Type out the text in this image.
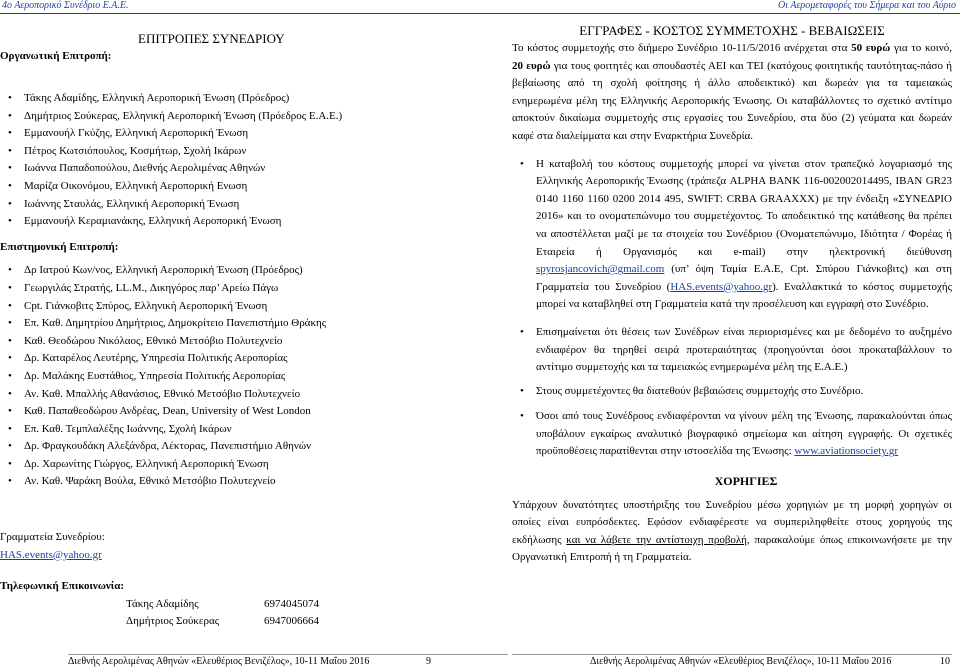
4ο Αεροπορικό Συνέδριο Ε.Α.Ε.	Οι Αερομεταφορές του Σήμερα και του Αύριο
ΕΠΙΤΡΟΠΕΣ ΣΥΝΕΔΡΙΟΥ
Οργανωτική Επιτροπή:
• Τάκης Αδαμίδης, Ελληνική Αεροπορική Ένωση (Πρόεδρος)
• Δημήτριος Σούκερας, Ελληνική Αεροπορική Ένωση (Πρόεδρος Ε.Α.Ε.)
• Εμμανουήλ Γκύζης, Ελληνική Αεροπορική Ένωση
• Πέτρος Κωτσιόπουλος, Κοσμήτωρ, Σχολή Ικάρων
• Ιωάννα Παπαδοπούλου, Διεθνής Αερολιμένας Αθηνών
• Μαρίζα Οικονόμου, Ελληνική Αεροπορική Ενωση
• Ιωάννης Σταυλάς, Ελληνική Αεροπορική Ένωση
• Εμμανουήλ Κεραμιανάκης, Ελληνική Αεροπορική Ένωση
Επιστημονική Επιτροπή:
• Δρ Ιατρού Κων/νος, Ελληνική Αεροπορική Ένωση (Πρόεδρος)
• Γεωργιλάς Στρατής, LL.M., Δικηγόρος παρ’ Αρείω Πάγω
• Cpt. Γιάνκοβιτς Σπύρος, Ελληνική Αεροπορική Ένωση
• Επ. Καθ. Δημητρίου Δημήτριος, Δημοκρίτειο Πανεπιστήμιο Θράκης
• Καθ. Θεοδώρου Νικόλαος, Εθνικό Μετσόβιο Πολυτεχνείο
• Δρ. Καταρέλος Λευτέρης, Υπηρεσία Πολιτικής Αεροπορίας
• Δρ. Μαλάκης Ευστάθιος, Υπηρεσία Πολιτικής Αεροπορίας
• Αν. Καθ. Μπαλλής Αθανάσιος, Εθνικό Μετσόβιο Πολυτεχνείο
• Καθ. Παπαθεοδώρου Ανδρέας, Dean, University of West London
• Επ. Καθ. Τεμπλαλέξης Ιωάννης, Σχολή Ικάρων
• Δρ. Φραγκουδάκη Αλεξάνδρα, Λέκτορας, Πανεπιστήμιο Αθηνών
• Δρ. Χαρωνίτης Γιώργος, Ελληνική Αεροπορική Ένωση
• Αν. Καθ. Ψαράκη Βούλα, Εθνικό Μετσόβιο Πολυτεχνείο
Γραμματεία Συνεδρίου:
HAS.events@yahoo.gr
Τηλεφωνική Επικοινωνία:
Τάκης Αδαμίδης	6974045074
Δημήτριος Σούκερας	6947006664
ΕΓΓΡΑΦΕΣ - ΚΟΣΤΟΣ ΣΥΜΜΕΤΟΧΗΣ - ΒΕΒΑΙΩΣΕΙΣ

Το κόστος συμμετοχής στο διήμερο Συνέδριο 10-11/5/2016 ανέρχεται στα 50 ευρώ για το κοινό, 20 ευρώ για τους φοιτητές και σπουδαστές ΑΕΙ και ΤΕΙ (κατόχους φοιτητικής ταυτότητας-πάσο ή βεβαίωσης από τη σχολή φοίτησης ή άλλο αποδεικτικό) και δωρεάν για τα ταμειακώς ενημερωμένα μέλη της Ελληνικής Αεροπορικής Ένωσης. Οι καταβάλλοντες το σχετικό αντίτιμο αποκτούν δικαίωμα συμμετοχής στις εργασίες του Συνεδρίου, στα δύο (2) γεύματα και δωρεάν καφέ στα διαλείμματα και στην Εναρκτήρια Συνεδρία.

• Η καταβολή του κόστους συμμετοχής μπορεί να γίνεται στον τραπεζικό λογαριασμό της Ελληνικής Αεροπορικής Ένωσης (τράπεζα ALPHA BANK 116-002002014495, IBAN GR23 0140 1160 1160 0200 2014 495, SWIFT: CRBA GRAAXXX) με την ένδειξη «ΣΥΝΕΔΡΙΟ 2016» και το ονοματεπώνυμο του συμμετέχοντος. Το αποδεικτικό της κατάθεσης θα πρέπει να αποστέλλεται μαζί με τα στοιχεία του Συνέδριου (Ονοματεπώνυμο, Ιδιότητα / Φορέας ή Εταιρεία ή Οργανισμός και e-mail) στην ηλεκτρονική διεύθυνση spyrosjancovich@gmail.com (υπ’ όψη Ταμία Ε.Α.Ε, Cpt. Σπύρου Γιάνκοβιτς) και στη Γραμματεία του Συνεδρίου (HAS.events@yahoo.gr). Εναλλακτικά το κόστος συμμετοχής μπορεί να καταβληθεί στη Γραμματεία κατά την προσέλευση και εγγραφή στο Συνέδριο.
• Επισημαίνεται ότι θέσεις των Συνέδρων είναι περιορισμένες και με δεδομένο το αυξημένο ενδιαφέρον θα τηρηθεί σειρά προτεραιότητας (προηγούνται όσοι προκαταβάλλουν το αντίτιμο συμμετοχής και τα ταμειακώς ενημερωμένα μέλη της Ε.Α.Ε.)
• Στους συμμετέχοντες θα διατεθούν βεβαιώσεις συμμετοχής στο Συνέδριο.
• Όσοι από τους Συνέδρους ενδιαφέρονται να γίνουν μέλη της Ένωσης, παρακαλούνται όπως υποβάλουν εγκαίρως αναλυτικό βιογραφικό σημείωμα και αίτηση εγγραφής. Οι σχετικές προϋποθέσεις παρατίθενται στην ιστοσελίδα της Ένωσης: www.aviationsociety.gr
ΧΟΡΗΓΙΕΣ

Υπάρχουν δυνατότητες υποστήριξης του Συνεδρίου μέσω χορηγιών με τη μορφή χορηγών οι οποίες είναι ευπρόσδεκτες. Εφόσον ενδιαφέρεστε να συμπεριληφθείτε στους χορηγούς της εκδήλωσης και να λάβετε την αντίστοιχη προβολή, παρακαλούμε όπως επικοινωνήσετε με την Οργανωτική Επιτροπή ή τη Γραμματεία.

Διεθνής Αερολιμένας Αθηνών «Ελευθέριος Βενιζέλος», 10-11 Μαΐου 2016	9	Διεθνής Αερολιμένας Αθηνών «Ελευθέριος Βενιζέλος», 10-11 Μαΐου 2016	10
